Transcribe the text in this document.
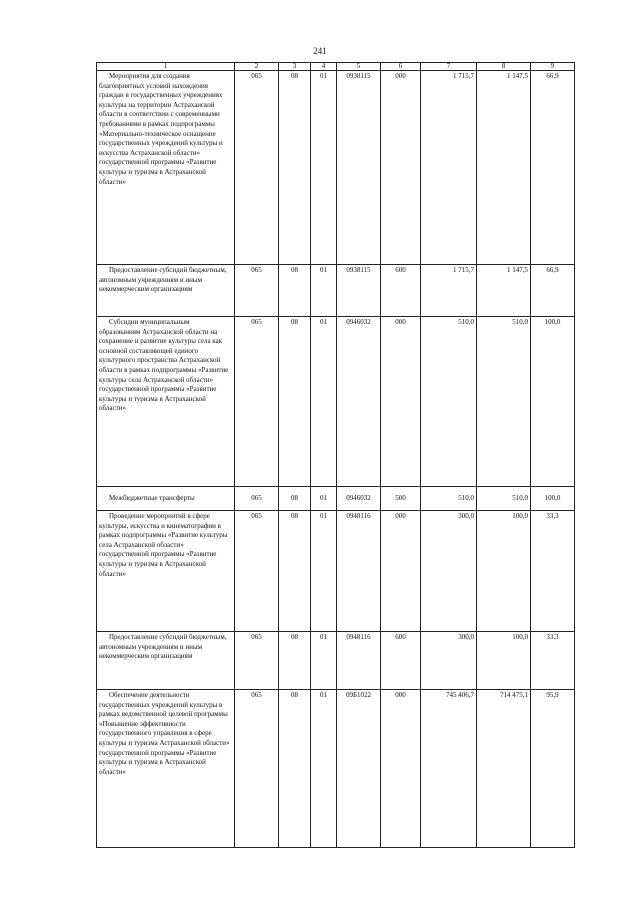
241
1	2	3	4	5	6	7	8	9
Мероприятия для создания благоприятных условий нахождения граждан в государственных учреждениях культуры на территории Астраханской области в соответствии с современными требованиями в рамках подпрограммы «Материально-техническое оснащение государственных учреждений культуры и искусства Астраханской области» государственной программы «Развитие культуры и туризма в Астраханской области»	065	08	01	0938115	000	1 715,7	1 147,5	66,9
Предоставление субсидий бюджетным, автономным учреждениям и иным некоммерческим организациям	065	08	01	0938115	600	1 715,7	1 147,5	66,9
Субсидии муниципальным образованиям Астраханской области на сохранение и развитие культуры села как основной составляющей единого культурного пространства Астраханской области в рамках подпрограммы «Развитие культуры села Астраханской области» государственной программы «Развитие культуры и туризма в Астраханской области»	065	08	01	0946032	000	510,0	510,0	100,0
Межбюджетные трансферты	065	08	01	0946032	500	510,0	510,0	100,0
Проведение мероприятий в сфере культуры, искусства и кинематографии в рамках подпрограммы «Развитие культуры села Астраханской области» государственной программы «Развитие культуры и туризма в Астраханской области»	065	08	01	0948116	000	300,0	100,0	33,3
Предоставление субсидий бюджетным, автономным учреждениям и иным некоммерческим организациям	065	08	01	0948116	600	300,0	100,0	33,3
Обеспечение деятельности государственных учреждений культуры в рамках ведомственной целевой программы «Повышение эффективности государственного управления в сфере культуры и туризма Астраханской области» государственной программы «Развитие культуры и туризма в Астраханской области»	065	08	01	09Б1022	000	745 406,7	714 475,1	95,9
